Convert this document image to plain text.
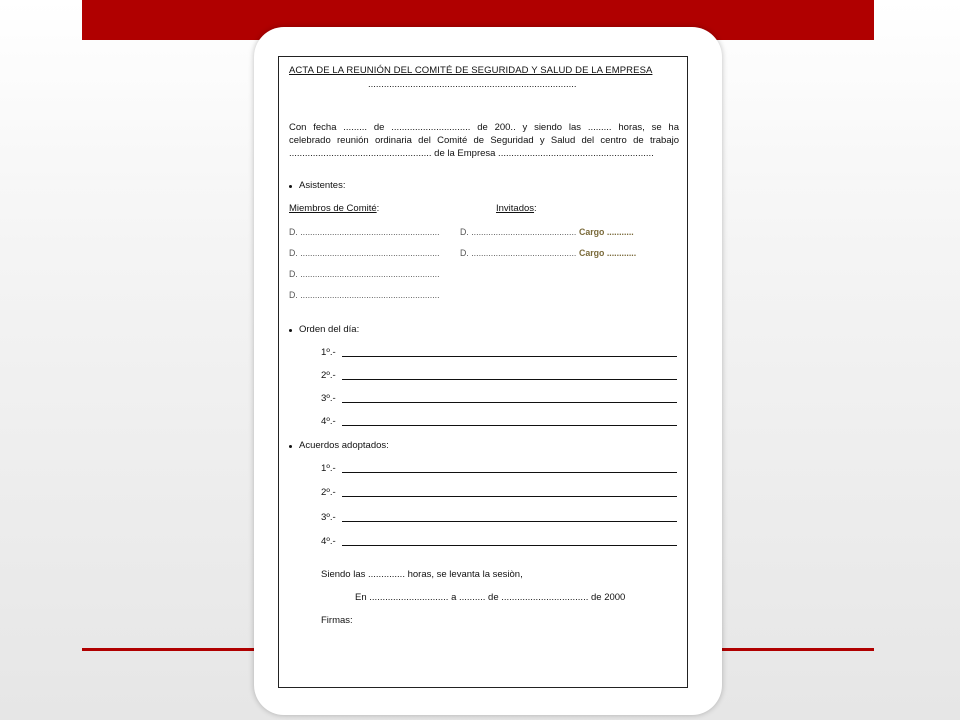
ACTA DE LA REUNIÓN DEL COMITÉ DE SEGURIDAD Y SALUD DE LA EMPRESA
...............................................................................
Con fecha ......... de .............................. de 200.. y siendo las ......... horas, se ha
celebrado reunión ordinaria del Comité de Seguridad y Salud del centro de trabajo
...................................................... de la Empresa ...........................................................
Asistentes:
Miembros de Comité:	Invitados:
D. .........................................................
D. .........................................................
D. .........................................................
D. .........................................................
D. ........................................... Cargo ...........
D. ........................................... Cargo ............
Orden del día:
1º.-
2º.-
3º.-
4º.-
Acuerdos adoptados:
1º.-
2º.-
3º.-
4º.-
Siendo las .............. horas, se levanta la sesiòn,
En .............................. a .......... de ................................. de 2000
Firmas:
